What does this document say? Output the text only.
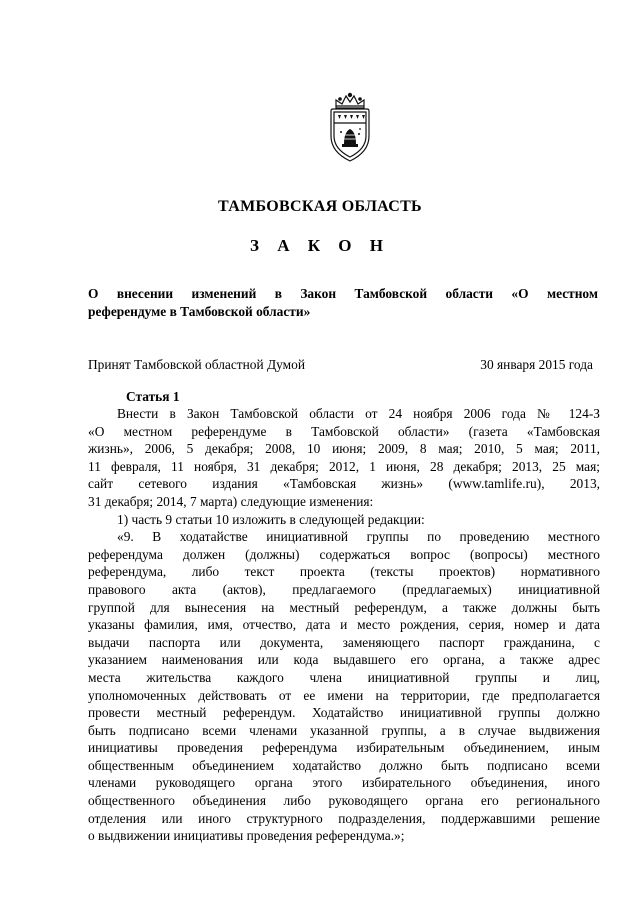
ТАМБОВСКАЯ ОБЛАСТЬ
З А К О Н
О внесении изменений в Закон Тамбовской области «О местном
референдуме в Тамбовской области»
Принят Тамбовской областной Думой	30 января 2015 года
Статья 1
Внести в Закон Тамбовской области от 24 ноября 2006 года № 124-З
«О местном референдуме в Тамбовской области» (газета «Тамбовская
жизнь», 2006, 5 декабря; 2008, 10 июня; 2009, 8 мая; 2010, 5 мая; 2011,
11 февраля, 11 ноября, 31 декабря; 2012, 1 июня, 28 декабря; 2013, 25 мая;
сайт сетевого издания «Тамбовская жизнь» (www.tamlife.ru), 2013,
31 декабря; 2014, 7 марта) следующие изменения:
1) часть 9 статьи 10 изложить в следующей редакции:
«9. В ходатайстве инициативной группы по проведению местного
референдума должен (должны) содержаться вопрос (вопросы) местного
референдума, либо текст проекта (тексты проектов) нормативного
правового акта (актов), предлагаемого (предлагаемых) инициативной
группой для вынесения на местный референдум, а также должны быть
указаны фамилия, имя, отчество, дата и место рождения, серия, номер и дата
выдачи паспорта или документа, заменяющего паспорт гражданина, с
указанием наименования или кода выдавшего его органа, а также адрес
места жительства каждого члена инициативной группы и лиц,
уполномоченных действовать от ее имени на территории, где предполагается
провести местный референдум. Ходатайство инициативной группы должно
быть подписано всеми членами указанной группы, а в случае выдвижения
инициативы проведения референдума избирательным объединением, иным
общественным объединением ходатайство должно быть подписано всеми
членами руководящего органа этого избирательного объединения, иного
общественного объединения либо руководящего органа его регионального
отделения или иного структурного подразделения, поддержавшими решение
о выдвижении инициативы проведения референдума.»;
